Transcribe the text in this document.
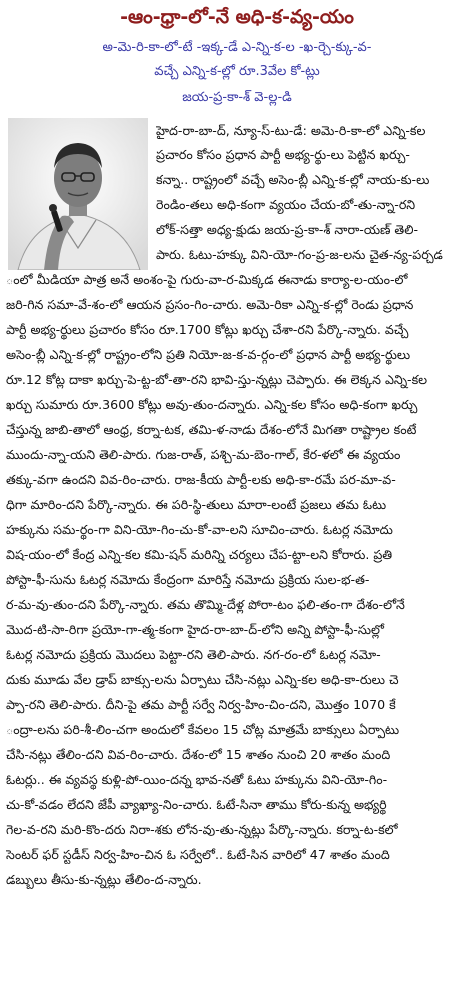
-ఆం-ధ్రా-లో-నే అధి-క-వ్య-యం
అ-మె-రి-కా-లో-టే -ఇక్క-డే ఎ-న్ని-క-ల -ఖ-ర్చె-క్కు-వ-
వచ్చే ఎన్ని-క-ల్లో రూ.3వేల కో-ట్లు
జయ-ప్ర-కా-శ్ వె-ల్ల-డి
హైద-రా-బా-ద్, న్యూ-స్-టు-డే: అమె-రి-కా-లో ఎన్ని-కల
ప్రచారం కోసం ప్రధాన పార్టీ అభ్య-ర్థు-లు పెట్టిన ఖర్చు-
కన్నా.. రాష్ట్రంలో వచ్చే అసెం-బ్లీ ఎన్ని-క-ల్లో నాయ-కు-లు
రెండిం-తలు అధి-కంగా వ్యయం చేయ-బో-తు-న్నా-రని
లోక్-సత్తా అధ్య-క్షుడు జయ-ప్ర-కా-శ్ నారా-యణ్ తెలి-
పారు. ఓటు-హక్కు విని-యో-గం-ప్ర-జ-లను చైత-న్య-పర్చడ
ంలో మీడియా పాత్ర అనే అంశం-పై గురు-వా-ర-మిక్కడ ఈనాడు కార్యా-ల-యం-లో
జరి-గిన సమా-వే-శం-లో ఆయన ప్రసం-గిం-చారు. అమె-రికా ఎన్ని-క-ల్లో రెండు ప్రధాన
పార్టీ అభ్య-ర్థులు ప్రచారం కోసం రూ.1700 కోట్లు ఖర్చు చేశా-రని పేర్కొ-న్నారు. వచ్చే
అసెం-బ్లీ ఎన్ని-క-ల్లో రాష్ట్రం-లోని ప్రతి నియో-జ-క-వ-ర్గం-లో ప్రధాన పార్టీ అభ్య-ర్థులు
రూ.12 కోట్ల దాకా ఖర్చు-పె-ట్ట-బో-తా-రని భావి-స్తు-న్నట్లు చెప్పారు. ఈ లెక్కన ఎన్ని-కల
ఖర్చు సుమారు రూ.3600 కోట్లు అవు-తుం-దన్నారు. ఎన్ని-కల కోసం అధి-కంగా ఖర్చు
చేస్తున్న జాబి-తాలో ఆంధ్ర, కర్నా-టక, తమి-ళ-నాడు దేశం-లోనే మిగతా రాష్ట్రాల కంటే
ముందు-న్నా-యని తెలి-పారు. గుజ-రాత్, పశ్చి-మ-బెం-గాల్, కేర-ళలో ఈ వ్యయం
తక్కు-వగా ఉందని వివ-రిం-చారు. రాజ-కీయ పార్టీ-లకు అధి-కా-రమే పర-మా-వ-
ధిగా మారిం-దని పేర్కొ-న్నారు. ఈ పరి-స్థి-తులు మారా-లంటే ప్రజలు తమ ఓటు
హక్కును సమ-ర్థం-గా విని-యో-గిం-చు-కో-వా-లని సూచిం-చారు. ఓటర్ల నమోదు
విష-యం-లో కేంద్ర ఎన్ని-కల కమి-షన్ మరిన్ని చర్యలు చేప-ట్టా-లని కోరారు. ప్రతి
పోస్టా-ఫీ-సును ఓటర్ల నమోదు కేంద్రంగా మారిస్తే నమోదు ప్రక్రియ సుల-భ-త-
ర-మ-వు-తుం-దని పేర్కొ-న్నారు. తమ తొమ్మి-దేళ్ల పోరా-టం ఫలి-తం-గా దేశం-లోనే
మొద-టి-సా-రిగా ప్రయో-గా-త్మ-కంగా హైద-రా-బా-ద్-లోని అన్ని పోస్టా-ఫీ-సుల్లో
ఓటర్ల నమోదు ప్రక్రియ మొదలు పెట్టా-రని తెలి-పారు. నగ-రం-లో ఓటర్ల నమో-
దుకు మూడు వేల డ్రాప్ బాక్సు-లను ఏర్పాటు చేసి-నట్లు ఎన్ని-కల అధి-కా-రులు చె
ప్పా-రని తెలి-పారు. దీని-పై తమ పార్టీ సర్వే నిర్వ-హిం-చిం-దని, మొత్తం 1070 కే
ంద్రా-లను పరి-శీ-లిం-చగా అందులో కేవలం 15 చోట్ల మాత్రమే బాక్సులు ఏర్పాటు
చేసి-నట్లు తేలిం-దని వివ-రిం-చారు. దేశం-లో 15 శాతం నుంచి 20 శాతం మంది
ఓటర్లు.. ఈ వ్యవస్థ కుళ్లి-పో-యిం-దన్న భావ-నతో ఓటు హక్కును విని-యో-గిం-
చు-కో-వడం లేదని జేపీ వ్యాఖ్యా-నిం-చారు. ఓటే-సినా తాము కోరు-కున్న అభ్యర్థి
గెల-వ-రని మరి-కొం-దరు నిరా-శకు లోన-వు-తు-న్నట్లు పేర్కొ-న్నారు. కర్నా-ట-కలో
సెంటర్ ఫర్ స్టడీస్ నిర్వ-హిం-చిన ఓ సర్వేలో.. ఓటే-సిన వారిలో 47 శాతం మంది
డబ్బులు తీసు-కు-న్నట్లు తేలిం-ద-న్నారు.
